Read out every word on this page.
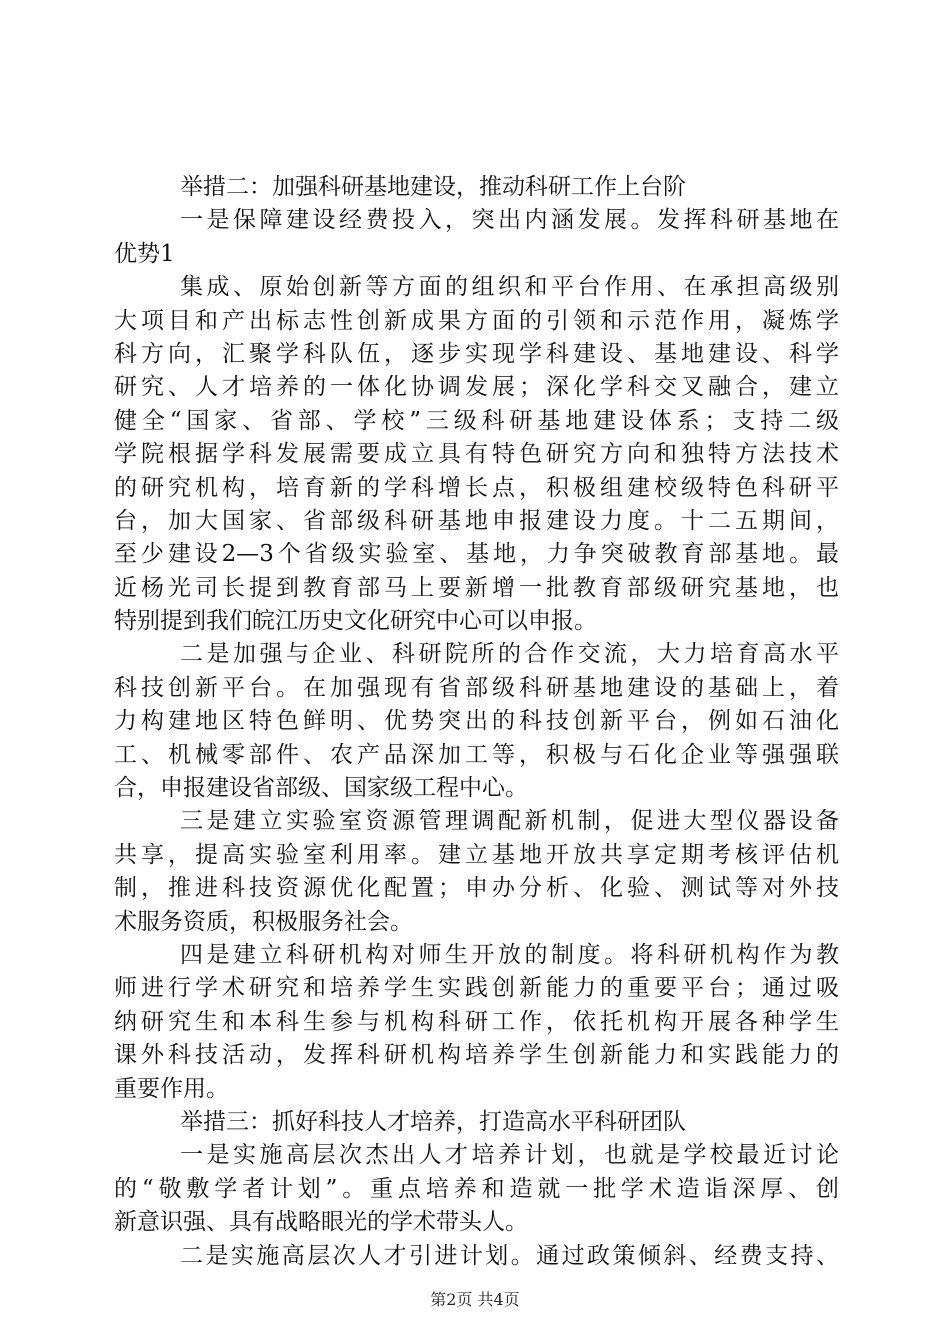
举措二：加强科研基地建设，推动科研工作上台阶
一是保障建设经费投入，突出内涵发展。发挥科研基地在
优势1
集成、原始创新等方面的组织和平台作用、在承担高级别
大项目和产出标志性创新成果方面的引领和示范作用，凝炼学
科方向，汇聚学科队伍，逐步实现学科建设、基地建设、科学
研究、人才培养的一体化协调发展；深化学科交叉融合，建立
健全“国家、省部、学校”三级科研基地建设体系；支持二级
学院根据学科发展需要成立具有特色研究方向和独特方法技术
的研究机构，培育新的学科增长点，积极组建校级特色科研平
台，加大国家、省部级科研基地申报建设力度。十二五期间，
至少建设2—3个省级实验室、基地，力争突破教育部基地。最
近杨光司长提到教育部马上要新增一批教育部级研究基地，也
特别提到我们皖江历史文化研究中心可以申报。
二是加强与企业、科研院所的合作交流，大力培育高水平
科技创新平台。在加强现有省部级科研基地建设的基础上，着
力构建地区特色鲜明、优势突出的科技创新平台，例如石油化
工、机械零部件、农产品深加工等，积极与石化企业等强强联
合，申报建设省部级、国家级工程中心。
三是建立实验室资源管理调配新机制，促进大型仪器设备
共享，提高实验室利用率。建立基地开放共享定期考核评估机
制，推进科技资源优化配置；申办分析、化验、测试等对外技
术服务资质，积极服务社会。
四是建立科研机构对师生开放的制度。将科研机构作为教
师进行学术研究和培养学生实践创新能力的重要平台；通过吸
纳研究生和本科生参与机构科研工作，依托机构开展各种学生
课外科技活动，发挥科研机构培养学生创新能力和实践能力的
重要作用。
举措三：抓好科技人才培养，打造高水平科研团队
一是实施高层次杰出人才培养计划，也就是学校最近讨论
的“敬敷学者计划”。重点培养和造就一批学术造诣深厚、创
新意识强、具有战略眼光的学术带头人。
二是实施高层次人才引进计划。通过政策倾斜、经费支持、
第2页 共4页
